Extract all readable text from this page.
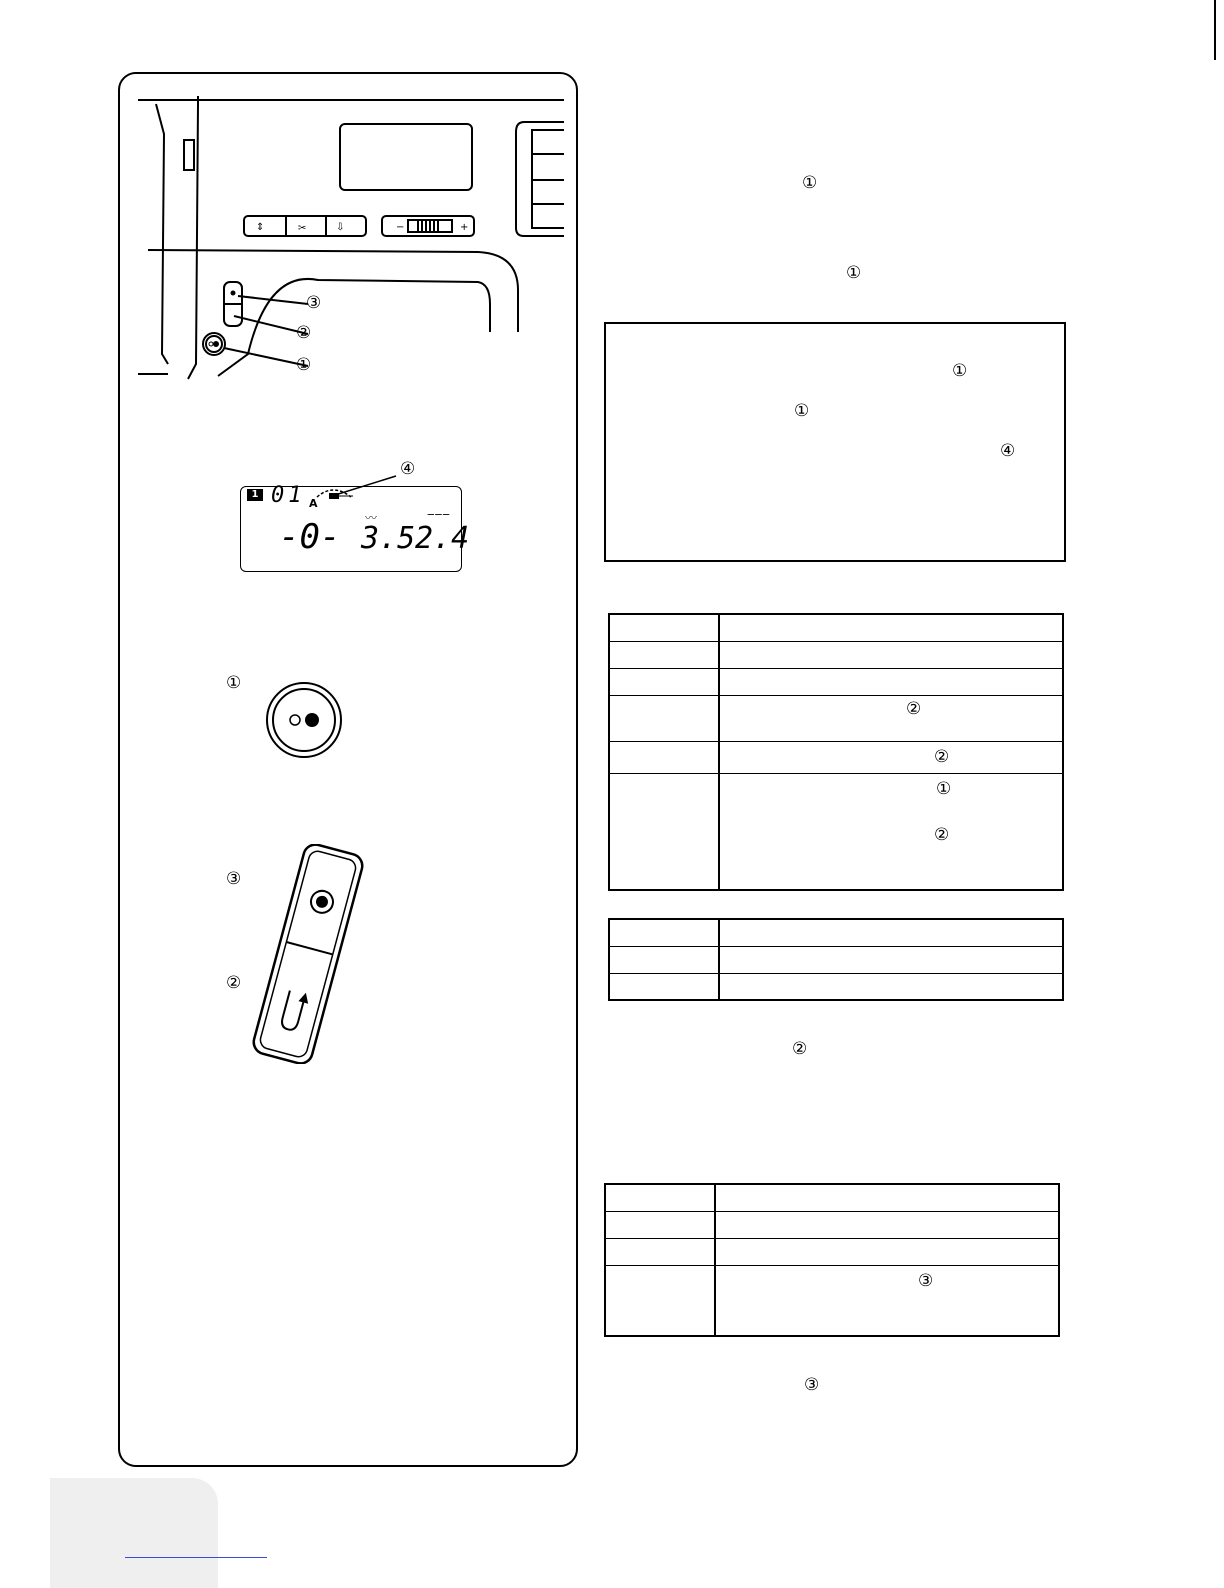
⇕	✂	⇩	−	+
③
②
①
1 01 A
-0- 〰	‒‒‒
3.5 2.4
④
①
③
②
①
①
①
①
④

	②

	②

	①
②

②

	③
③
